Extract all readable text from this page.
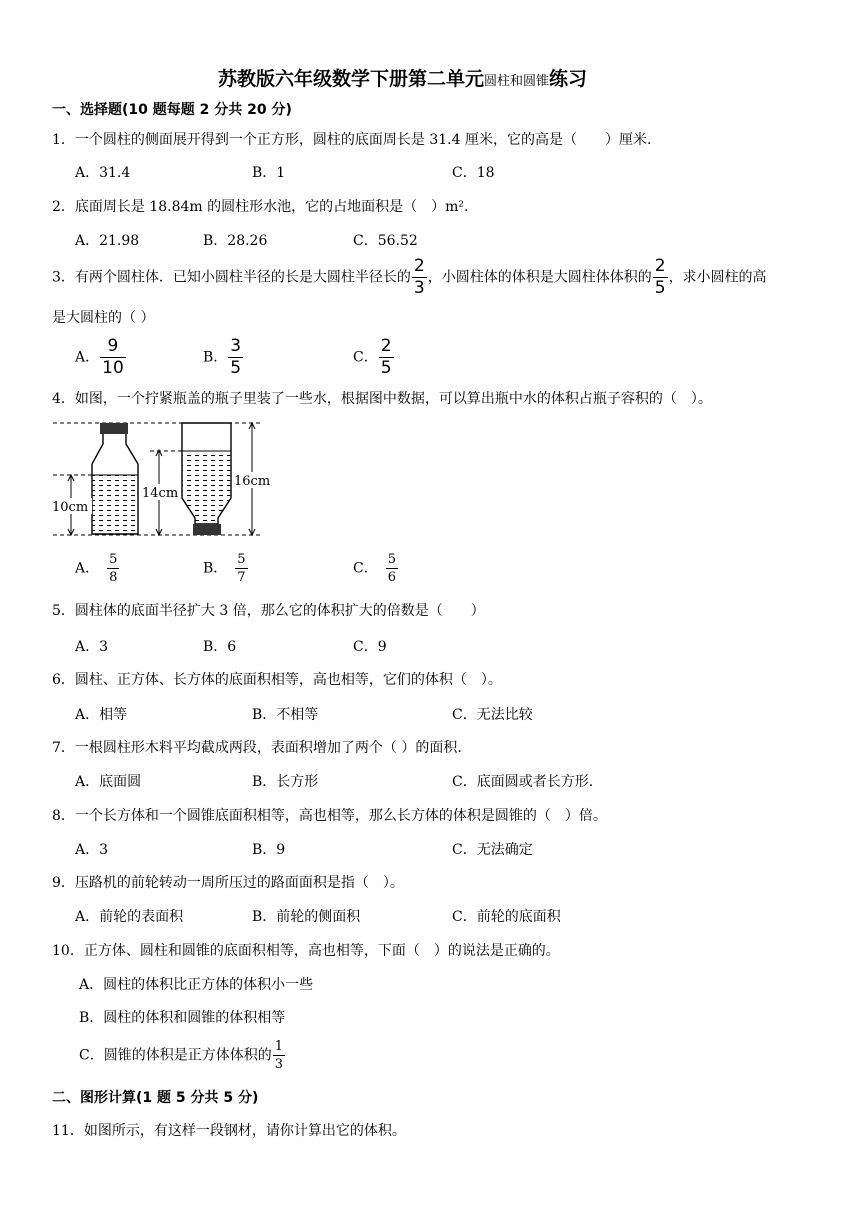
苏教版六年级数学下册第二单元圆柱和圆锥练习
一、选择题(10 题每题 2 分共 20 分)
1．一个圆柱的侧面展开得到一个正方形，圆柱的底面周长是 31.4 厘米，它的高是（　　）厘米.
A．31.4	B．1	C．18
2．底面周长是 18.84m 的圆柱形水池，它的占地面积是（　）m².
A．21.98	B．28.26	C．56.52
3．有两个圆柱体．已知小圆柱半径的长是大圆柱半径长的 $\frac{2}{3}$ ，小圆柱体的体积是大圆柱体体积的 $\frac{2}{5}$ ，求小圆柱的高
是大圆柱的（ ）
A． $\frac{9}{10}$	B． $\frac{3}{5}$	C． $\frac{2}{5}$
4．如图，一个拧紧瓶盖的瓶子里装了一些水，根据图中数据，可以算出瓶中水的体积占瓶子容积的（　）。
10cm
14cm
16cm
A． $\frac{5}{8}$	B． $\frac{5}{7}$	C． $\frac{5}{6}$
5．圆柱体的底面半径扩大 3 倍，那么它的体积扩大的倍数是（　　）
A．3	B．6	C．9
6．圆柱、正方体、长方体的底面积相等，高也相等，它们的体积（　）。
A．相等	B．不相等	C．无法比较
7．一根圆柱形木料平均截成两段，表面积增加了两个（ ）的面积.
A．底面圆	B．长方形	C．底面圆或者长方形.
8．一个长方体和一个圆锥底面积相等，高也相等，那么长方体的体积是圆锥的（　）倍。
A．3	B．9	C．无法确定
9．压路机的前轮转动一周所压过的路面面积是指（　）。
A．前轮的表面积	B．前轮的侧面积	C．前轮的底面积
10．正方体、圆柱和圆锥的底面积相等，高也相等，下面（　）的说法是正确的。
A．圆柱的体积比正方体的体积小一些
B．圆柱的体积和圆锥的体积相等
C．圆锥的体积是正方体体积的 $\frac{1}{3}$
二、图形计算(1 题 5 分共 5 分)
11．如图所示，有这样一段钢材，请你计算出它的体积。
